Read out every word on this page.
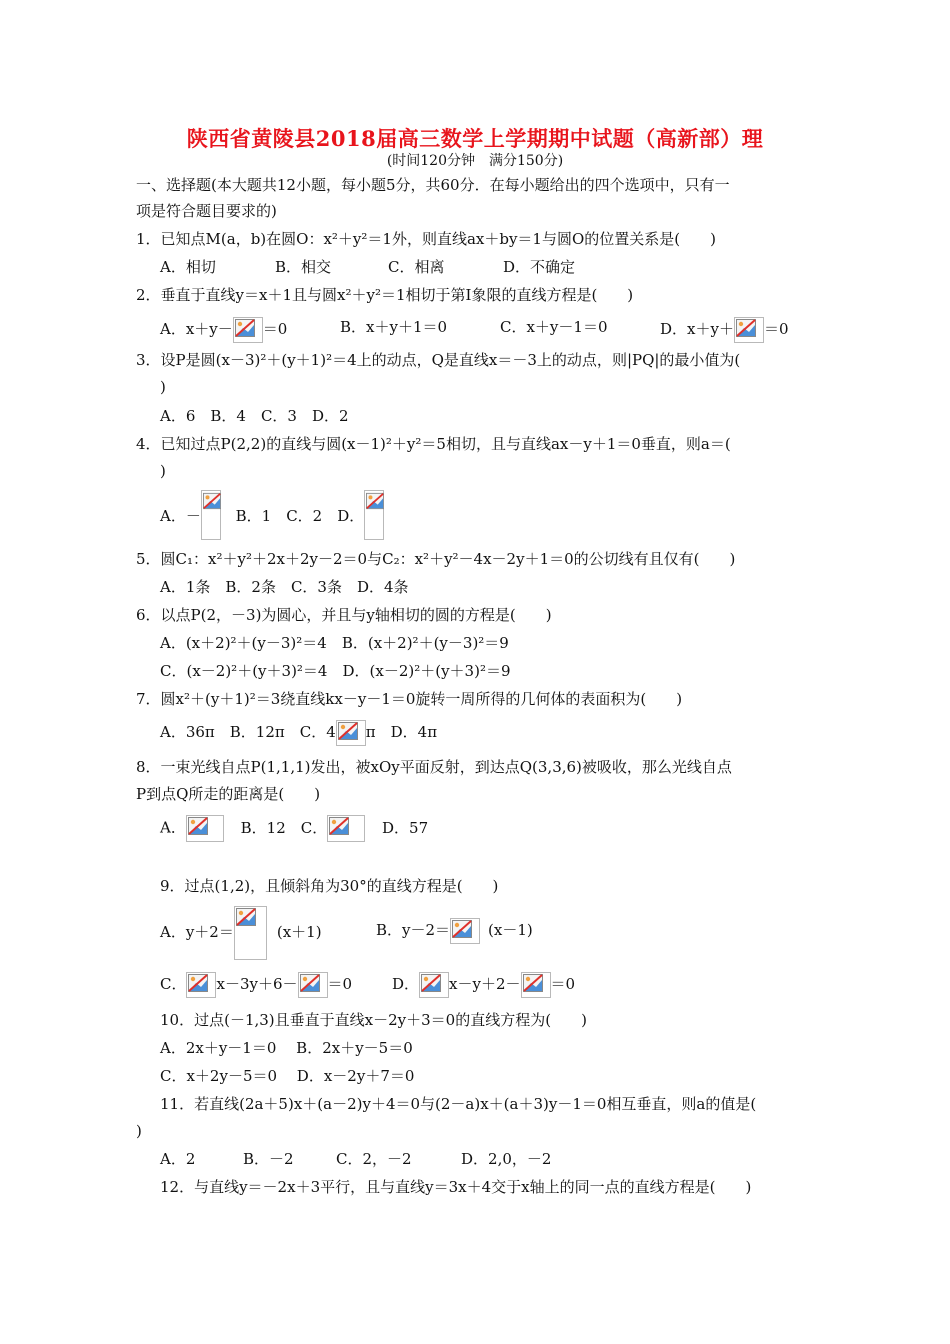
陕西省黄陵县2018届高三数学上学期期中试题（高新部）理
(时间120分钟　满分150分)
一、选择题(本大题共12小题，每小题5分，共60分．在每小题给出的四个选项中，只有一
项是符合题目要求的)
1．已知点M(a，b)在圆O：x²＋y²＝1外，则直线ax＋by＝1与圆O的位置关系是(　　)
A．相切	B．相交	C．相离	D．不确定
2．垂直于直线y＝x＋1且与圆x²＋y²＝1相切于第Ⅰ象限的直线方程是(　　)
A．x＋y－ ＝0	B．x＋y＋1＝0	C．x＋y－1＝0	D．x＋y＋ ＝0
3．设P是圆(x－3)²＋(y＋1)²＝4上的动点，Q是直线x＝－3上的动点，则|PQ|的最小值为(
)
A．6　B．4　C．3　D．2
4．已知过点P(2,2)的直线与圆(x－1)²＋y²＝5相切，且与直线ax－y＋1＝0垂直，则a＝(
)
A．－ B．1　C．2　D．
5．圆C₁：x²＋y²＋2x＋2y－2＝0与C₂：x²＋y²－4x－2y＋1＝0的公切线有且仅有(　　)
A．1条　B．2条　C．3条　D．4条
6．以点P(2，－3)为圆心，并且与y轴相切的圆的方程是(　　)
A．(x＋2)²＋(y－3)²＝4　B．(x＋2)²＋(y－3)²＝9
C．(x－2)²＋(y＋3)²＝4　D．(x－2)²＋(y＋3)²＝9
7．圆x²＋(y＋1)²＝3绕直线kx－y－1＝0旋转一周所得的几何体的表面积为(　　)
A．36π　B．12π　C．4 π　D．4π
8．一束光线自点P(1,1,1)发出，被xOy平面反射，到达点Q(3,3,6)被吸收，那么光线自点
P到点Q所走的距离是(　　)
A．	B．12　C．	D．57
9．过点(1,2)，且倾斜角为30°的直线方程是(　　)
A．y＋2＝	(x＋1)	B．y－2＝	(x－1)
C． x－3y＋6－ ＝0	D． x－y＋2－ ＝0
10．过点(－1,3)且垂直于直线x－2y＋3＝0的直线方程为(　　)
A．2x＋y－1＝0　 B．2x＋y－5＝0
C．x＋2y－5＝0　 D．x－2y＋7＝0
11．若直线(2a＋5)x＋(a－2)y＋4＝0与(2－a)x＋(a＋3)y－1＝0相互垂直，则a的值是(
)
A．2	B．－2	C．2，－2	D．2,0，－2
12．与直线y＝－2x＋3平行，且与直线y＝3x＋4交于x轴上的同一点的直线方程是(　　)
